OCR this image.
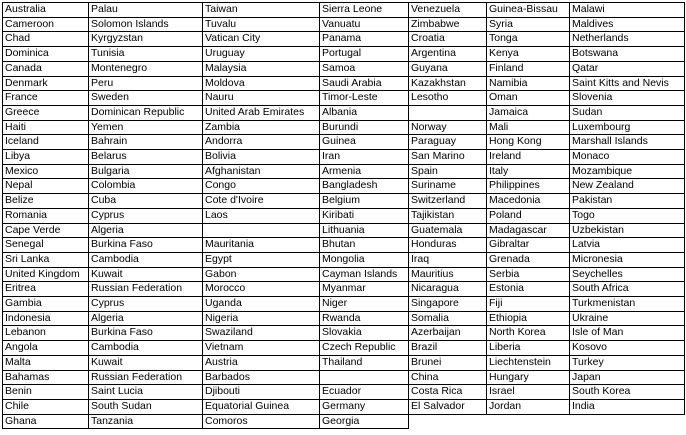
Australia	Palau	Taiwan	Sierra Leone	Venezuela	Guinea-Bissau	Malawi
Cameroon	Solomon Islands	Tuvalu	Vanuatu	Zimbabwe	Syria	Maldives
Chad	Kyrgyzstan	Vatican City	Panama	Croatia	Tonga	Netherlands
Dominica	Tunisia	Uruguay	Portugal	Argentina	Kenya	Botswana
Canada	Montenegro	Malaysia	Samoa	Guyana	Finland	Qatar
Denmark	Peru	Moldova	Saudi Arabia	Kazakhstan	Namibia	Saint Kitts and Nevis
France	Sweden	Nauru	Timor-Leste	Lesotho	Oman	Slovenia
Greece	Dominican Republic	United Arab Emirates	Albania		Jamaica	Sudan
Haiti	Yemen	Zambia	Burundi	Norway	Mali	Luxembourg
Iceland	Bahrain	Andorra	Guinea	Paraguay	Hong Kong	Marshall Islands
Libya	Belarus	Bolivia	Iran	San Marino	Ireland	Monaco
Mexico	Bulgaria	Afghanistan	Armenia	Spain	Italy	Mozambique
Nepal	Colombia	Congo	Bangladesh	Suriname	Philippines	New Zealand
Belize	Cuba	Cote d'Ivoire	Belgium	Switzerland	Macedonia	Pakistan
Romania	Cyprus	Laos	Kiribati	Tajikistan	Poland	Togo
Cape Verde	Algeria		Lithuania	Guatemala	Madagascar	Uzbekistan
Senegal	Burkina Faso	Mauritania	Bhutan	Honduras	Gibraltar	Latvia
Sri Lanka	Cambodia	Egypt	Mongolia	Iraq	Grenada	Micronesia
United Kingdom	Kuwait	Gabon	Cayman Islands	Mauritius	Serbia	Seychelles
Eritrea	Russian Federation	Morocco	Myanmar	Nicaragua	Estonia	South Africa
Gambia	Cyprus	Uganda	Niger	Singapore	Fiji	Turkmenistan
Indonesia	Algeria	Nigeria	Rwanda	Somalia	Ethiopia	Ukraine
Lebanon	Burkina Faso	Swaziland	Slovakia	Azerbaijan	North Korea	Isle of Man
Angola	Cambodia	Vietnam	Czech Republic	Brazil	Liberia	Kosovo
Malta	Kuwait	Austria	Thailand	Brunei	Liechtenstein	Turkey
Bahamas	Russian Federation	Barbados		China	Hungary	Japan
Benin	Saint Lucia	Djibouti	Ecuador	Costa Rica	Israel	South Korea
Chile	South Sudan	Equatorial Guinea	Germany	El Salvador	Jordan	India
Ghana	Tanzania	Comoros	Georgia			
